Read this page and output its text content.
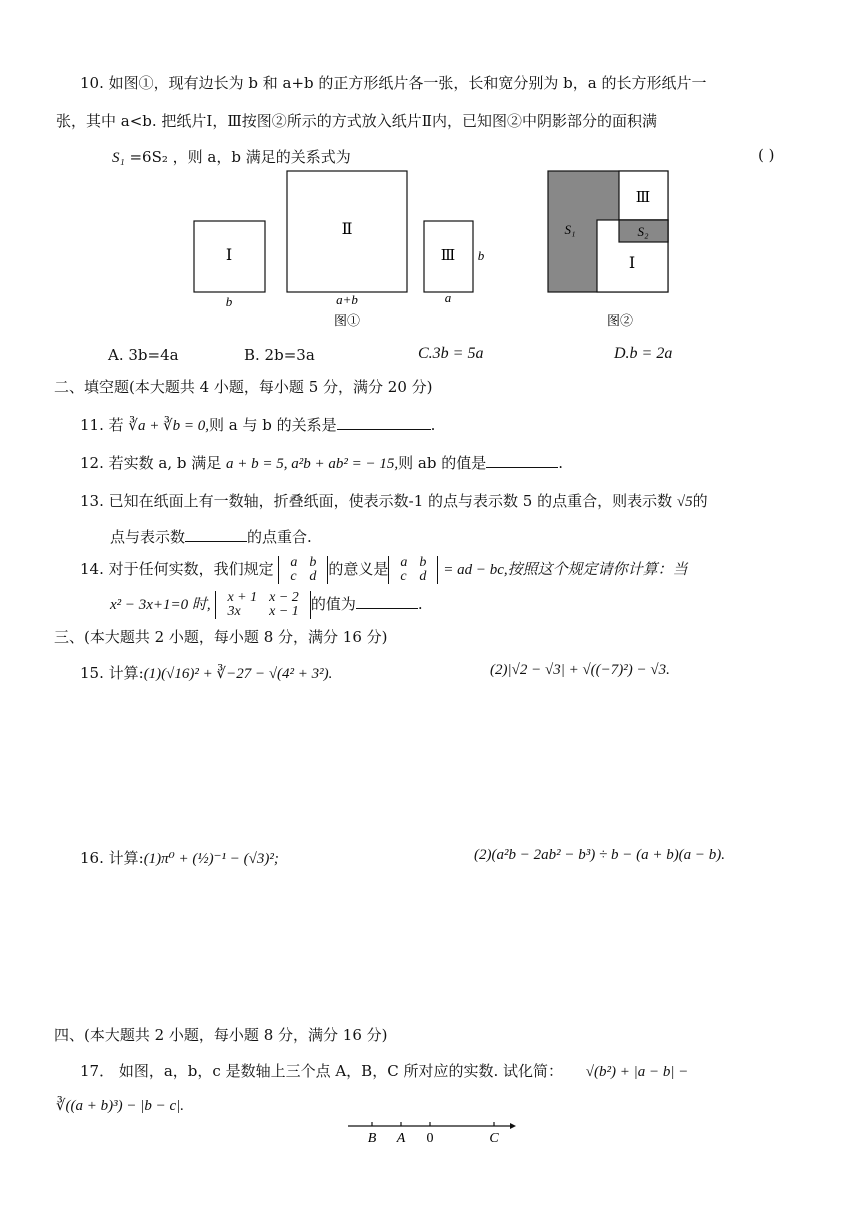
10. 如图①，现有边长为 b 和 a+b 的正方形纸片各一张，长和宽分别为 b，a 的长方形纸片一
张，其中 a<b. 把纸片Ⅰ，Ⅲ按图②所示的方式放入纸片Ⅱ内，已知图②中阴影部分的面积满
S₁ =6S₂ ，则 a，b 满足的关系式为	( )
Ⅰ
Ⅱ
Ⅲ
b	a+b	a
b
图①
S₁	S₂
Ⅲ
Ⅰ
图②
A. 3b=4a	B. 2b=3a	C.3b = 5a	D.b = 2a
二、填空题(本大题共 4 小题，每小题 5 分，满分 20 分)
11. 若 ∛a + ∛b = 0,则 a 与 b 的关系是	.
12. 若实数 a, b 满足 a + b = 5, a²b + ab² = − 15,则 ab 的值是	.
13. 已知在纸面上有一数轴，折叠纸面，使表示数-1 的点与表示数 5 的点重合，则表示数 √5的
点与表示数	的点重合.
14. 对于任何实数，我们规定 a	b
c	d 的意义是 a	b
c	d = ad − bc,按照这个规定请你计算：当
x² − 3x+1=0 时, x + 1	x − 2
3x	x − 1 的值为	.
三、(本大题共 2 小题，每小题 8 分，满分 16 分)
15. 计算:(1)(√16)² + ∛−27 − √(4² + 3²).	(2)|√2 − √3| + √((−7)²) − √3.
16. 计算:(1)π⁰ + (½)⁻¹ − (√3)²;	(2)(a²b − 2ab² − b³) ÷ b − (a + b)(a − b).
四、(本大题共 2 小题，每小题 8 分，满分 16 分)
17． 如图，a，b，c 是数轴上三个点 A，B，C 所对应的实数. 试化简： √(b²) + |a − b| −
∛((a + b)³) − |b − c|.
B A 0	C
